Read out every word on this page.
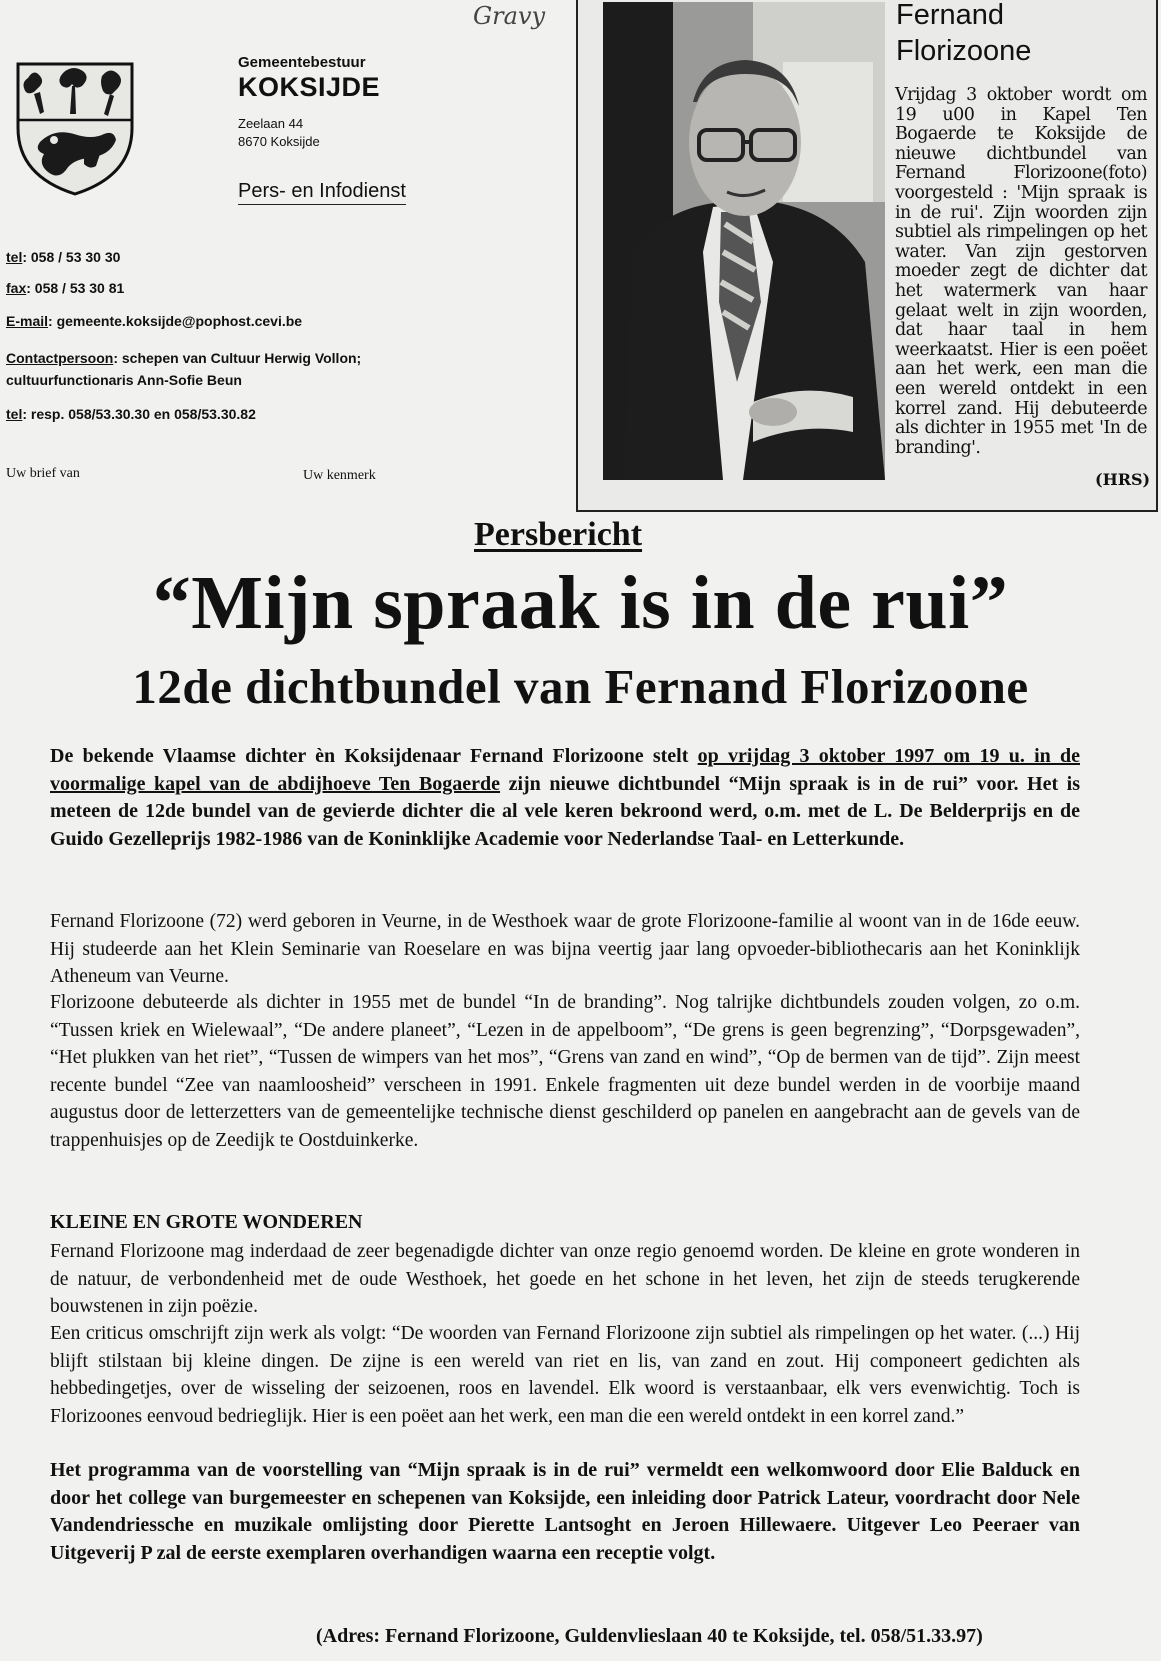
Gravy
Gemeentebestuur
KOKSIJDE
Zeelaan 44
8670 Koksijde
Pers- en Infodienst
tel: 058 / 53 30 30
fax: 058 / 53 30 81
E-mail: gemeente.koksijde@pophost.cevi.be
Contactpersoon: schepen van Cultuur Herwig Vollon;
cultuurfunctionaris Ann-Sofie Beun
tel: resp. 058/53.30.30 en 058/53.30.82
Uw brief van	Uw kenmerk
Fernand
Florizoone

Vrijdag 3 oktober wordt om 19 u00 in Kapel Ten Bogaerde te Koksijde de nieuwe dichtbundel van Fernand Florizoone(foto) voorgesteld : 'Mijn spraak is in de rui'. Zijn woorden zijn subtiel als rimpelingen op het water. Van zijn gestorven moeder zegt de dichter dat het watermerk van haar gelaat welt in zijn woorden, dat haar taal in hem weerkaatst. Hier is een poëet aan het werk, een man die een wereld ontdekt in een korrel zand. Hij debuteerde als dichter in 1955 met 'In de branding'.

(HRS)
Persbericht
“Mijn spraak is in de rui”
12de dichtbundel van Fernand Florizoone
De bekende Vlaamse dichter èn Koksijdenaar Fernand Florizoone stelt op vrijdag 3 oktober 1997 om 19 u. in de voormalige kapel van de abdijhoeve Ten Bogaerde zijn nieuwe dichtbundel “Mijn spraak is in de rui” voor. Het is meteen de 12de bundel van de gevierde dichter die al vele keren bekroond werd, o.m. met de L. De Belderprijs en de Guido Gezelleprijs 1982-1986 van de Koninklijke Academie voor Nederlandse Taal- en Letterkunde.
Fernand Florizoone (72) werd geboren in Veurne, in de Westhoek waar de grote Florizoone-familie al woont van in de 16de eeuw. Hij studeerde aan het Klein Seminarie van Roeselare en was bijna veertig jaar lang opvoeder-bibliothecaris aan het Koninklijk Atheneum van Veurne.
Florizoone debuteerde als dichter in 1955 met de bundel “In de branding”. Nog talrijke dichtbundels zouden volgen, zo o.m. “Tussen kriek en Wielewaal”, “De andere planeet”, “Lezen in de appelboom”, “De grens is geen begrenzing”, “Dorpsgewaden”, “Het plukken van het riet”, “Tussen de wimpers van het mos”, “Grens van zand en wind”, “Op de bermen van de tijd”. Zijn meest recente bundel “Zee van naamloosheid” verscheen in 1991. Enkele fragmenten uit deze bundel werden in de voorbije maand augustus door de letterzetters van de gemeentelijke technische dienst geschilderd op panelen en aangebracht aan de gevels van de trappenhuisjes op de Zeedijk te Oostduinkerke.
KLEINE EN GROTE WONDEREN
Fernand Florizoone mag inderdaad de zeer begenadigde dichter van onze regio genoemd worden. De kleine en grote wonderen in de natuur, de verbondenheid met de oude Westhoek, het goede en het schone in het leven, het zijn de steeds terugkerende bouwstenen in zijn poëzie.
Een criticus omschrijft zijn werk als volgt: “De woorden van Fernand Florizoone zijn subtiel als rimpelingen op het water. (...) Hij blijft stilstaan bij kleine dingen. De zijne is een wereld van riet en lis, van zand en zout. Hij componeert gedichten als hebbedingetjes, over de wisseling der seizoenen, roos en lavendel. Elk woord is verstaanbaar, elk vers evenwichtig. Toch is Florizoones eenvoud bedrieglijk. Hier is een poëet aan het werk, een man die een wereld ontdekt in een korrel zand.”
Het programma van de voorstelling van “Mijn spraak is in de rui” vermeldt een welkomwoord door Elie Balduck en door het college van burgemeester en schepenen van Koksijde, een inleiding door Patrick Lateur, voordracht door Nele Vandendriessche en muzikale omlijsting door Pierette Lantsoght en Jeroen Hillewaere. Uitgever Leo Peeraer van Uitgeverij P zal de eerste exemplaren overhandigen waarna een receptie volgt.
(Adres: Fernand Florizoone, Guldenvlieslaan 40 te Koksijde, tel. 058/51.33.97)
